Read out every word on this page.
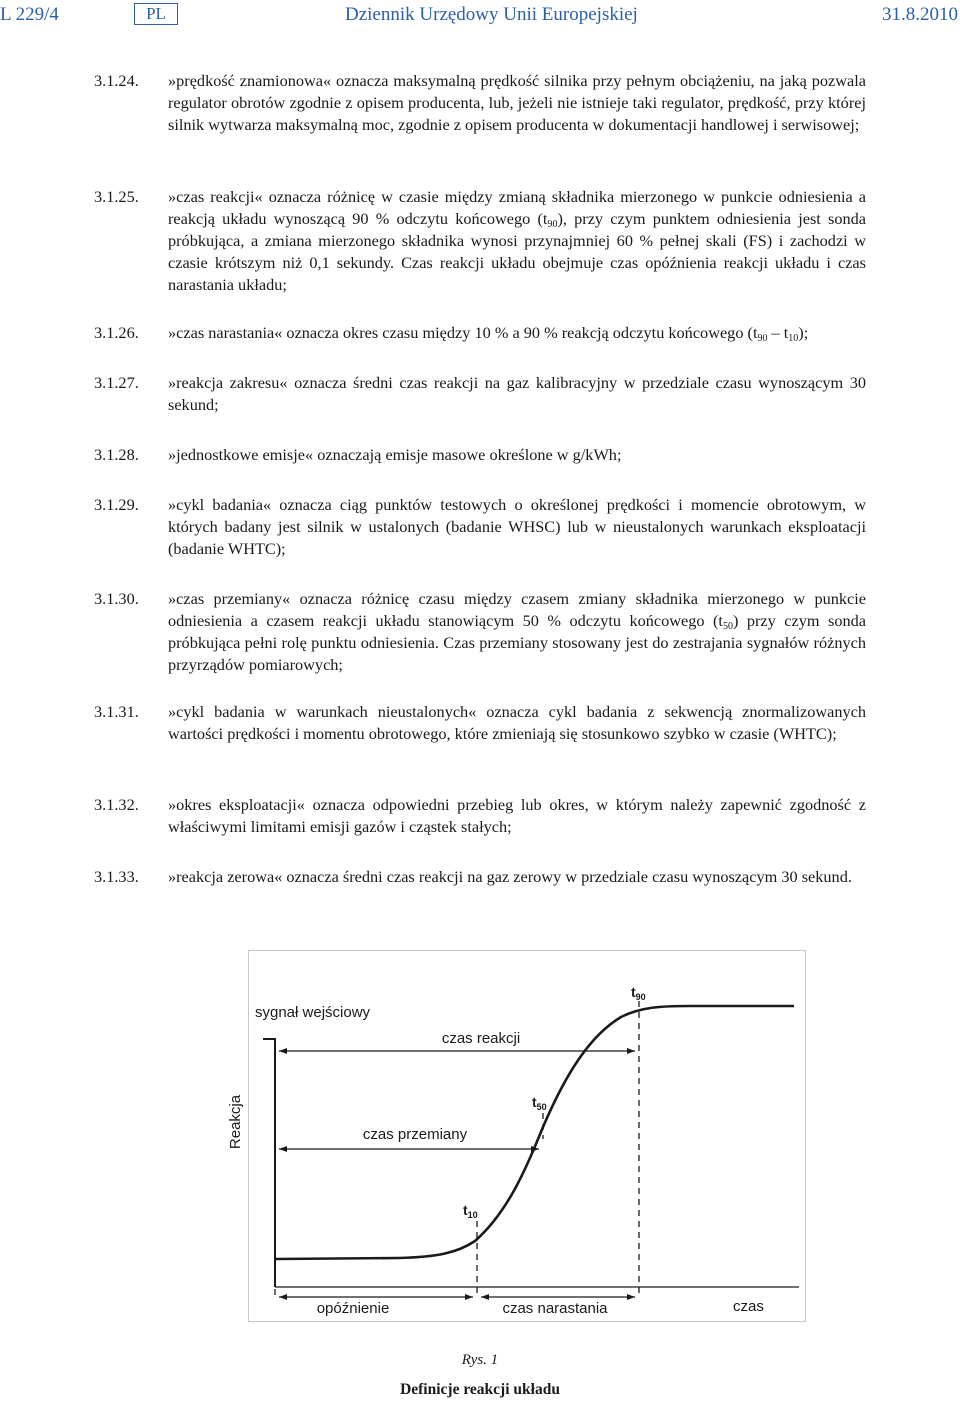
L 229/4	PL	Dziennik Urzędowy Unii Europejskiej	31.8.2010
3.1.24.	»prędkość znamionowa« oznacza maksymalną prędkość silnika przy pełnym obciążeniu, na jaką pozwala regulator obrotów zgodnie z opisem producenta, lub, jeżeli nie istnieje taki regulator, prędkość, przy której silnik wytwarza maksymalną moc, zgodnie z opisem producenta w dokumentacji handlowej i serwisowej;
3.1.25.	»czas reakcji« oznacza różnicę w czasie między zmianą składnika mierzonego w punkcie odniesienia a reakcją układu wynoszącą 90 % odczytu końcowego $(t_{90})$, przy czym punktem odniesienia jest sonda próbkująca, a zmiana mierzonego składnika wynosi przynajmniej 60 % pełnej skali (FS) i zachodzi w czasie krótszym niż 0,1 sekundy. Czas reakcji układu obejmuje czas opóźnienia reakcji układu i czas narastania układu;
3.1.26.	»czas narastania« oznacza okres czasu między 10 % a 90 % reakcją odczytu końcowego $(t_{90} - t_{10})$;
3.1.27.	»reakcja zakresu« oznacza średni czas reakcji na gaz kalibracyjny w przedziale czasu wynoszącym 30 sekund;
3.1.28.	»jednostkowe emisje« oznaczają emisje masowe określone w g/kWh;
3.1.29.	»cykl badania« oznacza ciąg punktów testowych o określonej prędkości i momencie obrotowym, w których badany jest silnik w ustalonych (badanie WHSC) lub w nieustalonych warunkach eksploatacji (badanie WHTC);
3.1.30.	»czas przemiany« oznacza różnicę czasu między czasem zmiany składnika mierzonego w punkcie odniesienia a czasem reakcji układu stanowiącym 50 % odczytu końcowego $(t_{50})$ przy czym sonda próbkująca pełni rolę punktu odniesienia. Czas przemiany stosowany jest do zestrajania sygnałów różnych przyrządów pomiarowych;
3.1.31.	»cykl badania w warunkach nieustalonych« oznacza cykl badania z sekwencją znormalizowanych wartości prędkości i momentu obrotowego, które zmieniają się stosunkowo szybko w czasie (WHTC);
3.1.32.	»okres eksploatacji« oznacza odpowiedni przebieg lub okres, w którym należy zapewnić zgodność z właściwymi limitami emisji gazów i cząstek stałych;
3.1.33.	»reakcja zerowa« oznacza średni czas reakcji na gaz zerowy w przedziale czasu wynoszącym 30 sekund.
sygnał wejściowy
Reakcja
czas reakcji
czas przemiany
opóźnienie	czas narastania	czas
$t_{90}$
$t_{50}$
$t_{10}$
Rys. 1
Definicje reakcji układu
